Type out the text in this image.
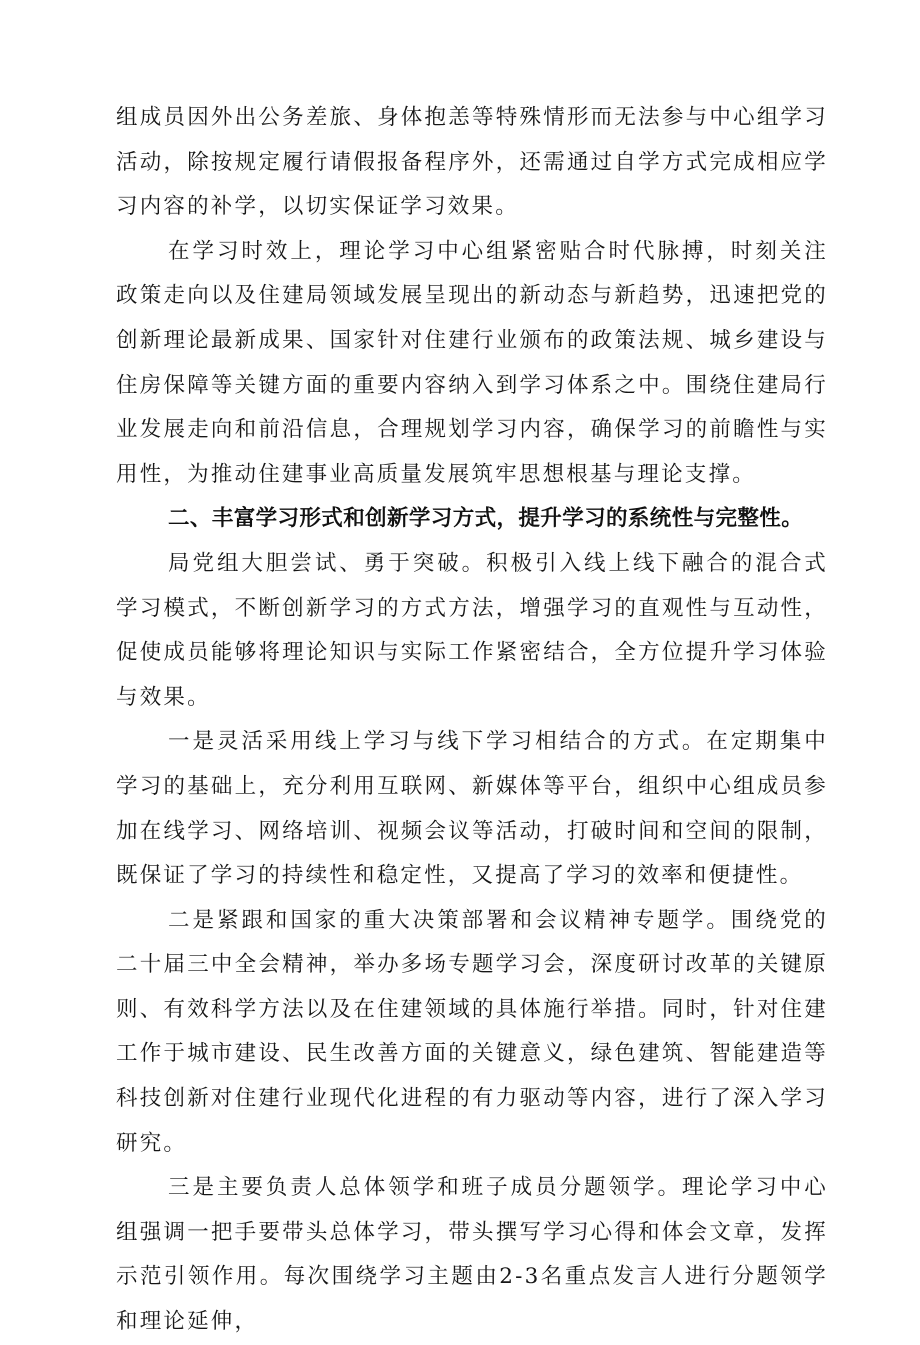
组成员因外出公务差旅、身体抱恙等特殊情形而无法参与中心组学习活动，除按规定履行请假报备程序外，还需通过自学方式完成相应学习内容的补学，以切实保证学习效果。

在学习时效上，理论学习中心组紧密贴合时代脉搏，时刻关注政策走向以及住建局领域发展呈现出的新动态与新趋势，迅速把党的创新理论最新成果、国家针对住建行业颁布的政策法规、城乡建设与住房保障等关键方面的重要内容纳入到学习体系之中。围绕住建局行业发展走向和前沿信息，合理规划学习内容，确保学习的前瞻性与实用性，为推动住建事业高质量发展筑牢思想根基与理论支撑。

二、丰富学习形式和创新学习方式，提升学习的系统性与完整性。

局党组大胆尝试、勇于突破。积极引入线上线下融合的混合式学习模式，不断创新学习的方式方法，增强学习的直观性与互动性，促使成员能够将理论知识与实际工作紧密结合，全方位提升学习体验与效果。

一是灵活采用线上学习与线下学习相结合的方式。在定期集中学习的基础上，充分利用互联网、新媒体等平台，组织中心组成员参加在线学习、网络培训、视频会议等活动，打破时间和空间的限制，既保证了学习的持续性和稳定性，又提高了学习的效率和便捷性。

二是紧跟和国家的重大决策部署和会议精神专题学。围绕党的二十届三中全会精神，举办多场专题学习会，深度研讨改革的关键原则、有效科学方法以及在住建领域的具体施行举措。同时，针对住建工作于城市建设、民生改善方面的关键意义，绿色建筑、智能建造等科技创新对住建行业现代化进程的有力驱动等内容，进行了深入学习研究。

三是主要负责人总体领学和班子成员分题领学。理论学习中心组强调一把手要带头总体学习，带头撰写学习心得和体会文章，发挥示范引领作用。每次围绕学习主题由2-3名重点发言人进行分题领学和理论延伸，
